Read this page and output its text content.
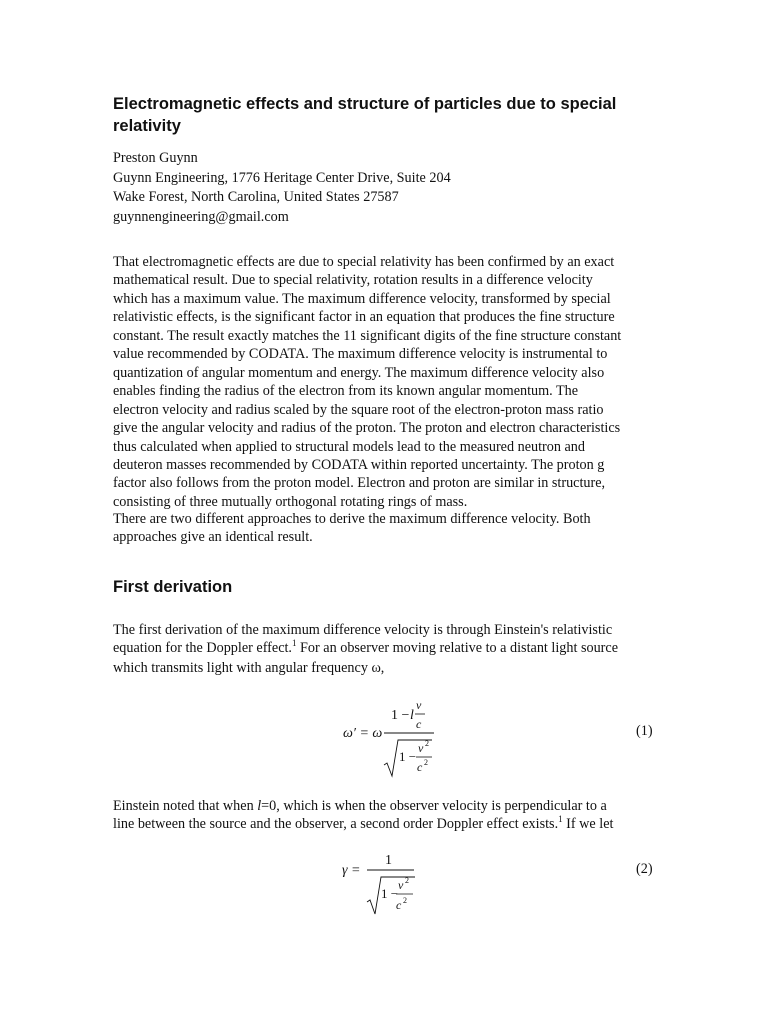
Electromagnetic effects and structure of particles due to special
relativity
Preston Guynn
Guynn Engineering, 1776 Heritage Center Drive, Suite 204
Wake Forest, North Carolina, United States 27587
guynnengineering@gmail.com

That electromagnetic effects are due to special relativity has been confirmed by an exact
mathematical result. Due to special relativity, rotation results in a difference velocity
which has a maximum value. The maximum difference velocity, transformed by special
relativistic effects, is the significant factor in an equation that produces the fine structure
constant. The result exactly matches the 11 significant digits of the fine structure constant
value recommended by CODATA. The maximum difference velocity is instrumental to
quantization of angular momentum and energy. The maximum difference velocity also
enables finding the radius of the electron from its known angular momentum. The
electron velocity and radius scaled by the square root of the electron-proton mass ratio
give the angular velocity and radius of the proton. The proton and electron characteristics
thus calculated when applied to structural models lead to the measured neutron and
deuteron masses recommended by CODATA within reported uncertainty. The proton g
factor also follows from the proton model. Electron and proton are similar in structure,
consisting of three mutually orthogonal rotating rings of mass.

There are two different approaches to derive the maximum difference velocity. Both
approaches give an identical result.

First derivation

The first derivation of the maximum difference velocity is through Einstein's relativistic
equation for the Doppler effect.$^1$ For an observer moving relative to a distant light source
which transmits light with angular frequency ω,

Einstein noted that when l=0, which is when the observer velocity is perpendicular to a
line between the source and the observer, a second order Doppler effect exists.$^1$ If we let

ω′ = ω
1 − l
v
c
1 −
v 2
c 2
γ =
1
1 −
v 2
c 2
(1)
(2)
